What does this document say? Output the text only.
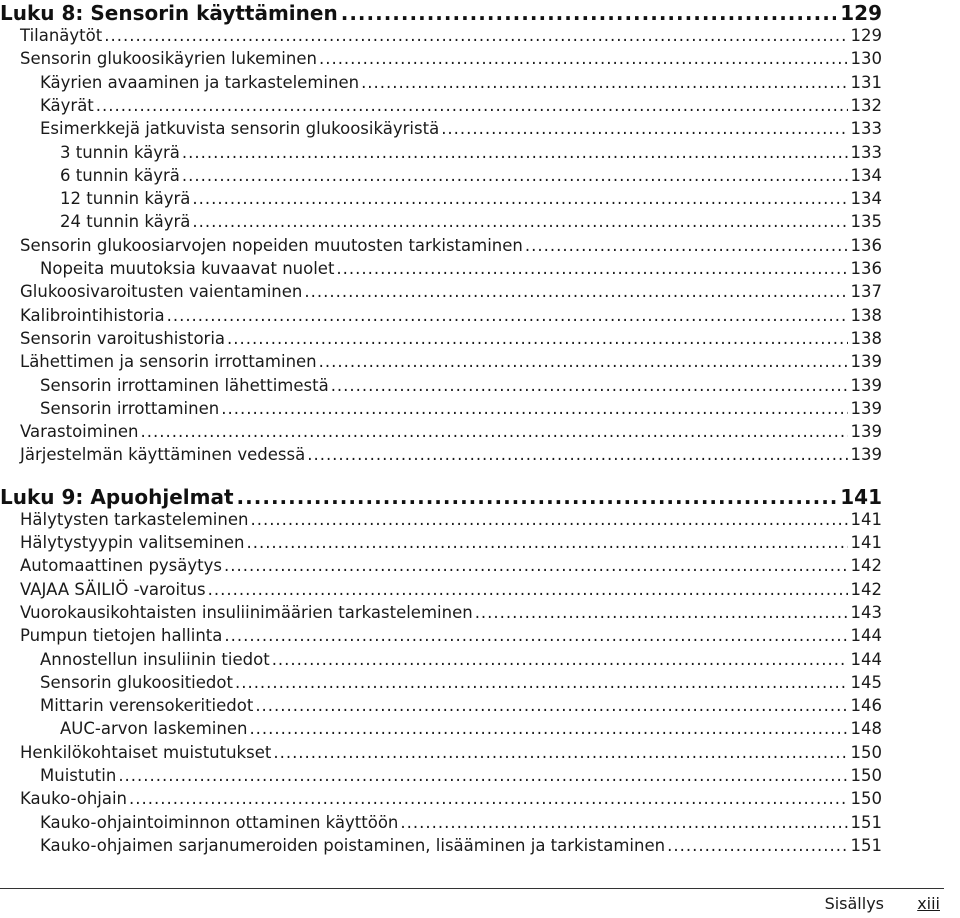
Luku 8: Sensorin käyttäminen .....	129
Tilanäytöt .....	129
Sensorin glukoosikäyrien lukeminen .....	130
Käyrien avaaminen ja tarkasteleminen .....	131
Käyrät .....	132
Esimerkkejä jatkuvista sensorin glukoosikäyristä .....	133
3 tunnin käyrä .....	133
6 tunnin käyrä .....	134
12 tunnin käyrä .....	134
24 tunnin käyrä .....	135
Sensorin glukoosiarvojen nopeiden muutosten tarkistaminen .....	136
Nopeita muutoksia kuvaavat nuolet .....	136
Glukoosivaroitusten vaientaminen .....	137
Kalibrointihistoria .....	138
Sensorin varoitushistoria .....	138
Lähettimen ja sensorin irrottaminen .....	139
Sensorin irrottaminen lähettimestä .....	139
Sensorin irrottaminen .....	139
Varastoiminen .....	139
Järjestelmän käyttäminen vedessä .....	139
Luku 9: Apuohjelmat .....	141
Hälytysten tarkasteleminen .....	141
Hälytystyypin valitseminen .....	141
Automaattinen pysäytys .....	142
VAJAA SÄILIÖ -varoitus .....	142
Vuorokausikohtaisten insuliinimäärien tarkasteleminen .....	143
Pumpun tietojen hallinta .....	144
Annostellun insuliinin tiedot .....	144
Sensorin glukoositiedot .....	145
Mittarin verensokeritiedot .....	146
AUC-arvon laskeminen .....	148
Henkilökohtaiset muistutukset .....	150
Muistutin .....	150
Kauko-ohjain .....	150
Kauko-ohjaintoiminnon ottaminen käyttöön .....	151
Kauko-ohjaimen sarjanumeroiden poistaminen, lisääminen ja tarkistaminen .....	151
Sisällys xiii
